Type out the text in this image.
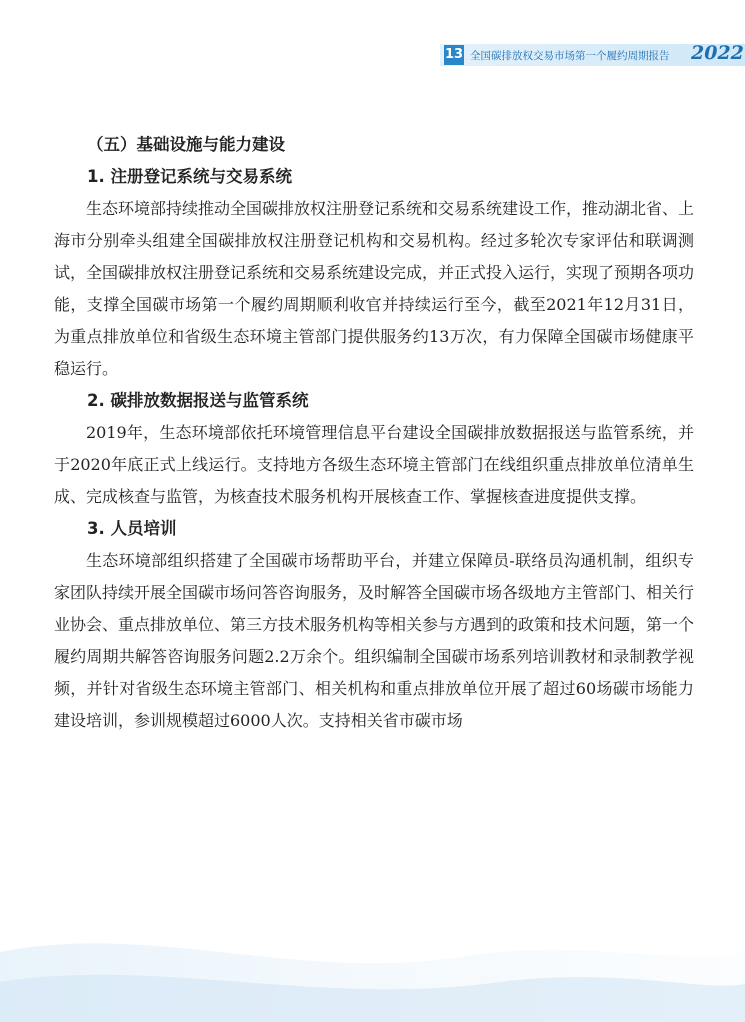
13 全国碳排放权交易市场第一个履约周期报告 2022

（五）基础设施与能力建设

1. 注册登记系统与交易系统

生态环境部持续推动全国碳排放权注册登记系统和交易系统建设工作，推动湖北省、上海市分别牵头组建全国碳排放权注册登记机构和交易机构。经过多轮次专家评估和联调测试，全国碳排放权注册登记系统和交易系统建设完成，并正式投入运行，实现了预期各项功能，支撑全国碳市场第一个履约周期顺利收官并持续运行至今，截至2021年12月31日，为重点排放单位和省级生态环境主管部门提供服务约13万次，有力保障全国碳市场健康平稳运行。

2. 碳排放数据报送与监管系统

2019年，生态环境部依托环境管理信息平台建设全国碳排放数据报送与监管系统，并于2020年底正式上线运行。支持地方各级生态环境主管部门在线组织重点排放单位清单生成、完成核查与监管，为核查技术服务机构开展核查工作、掌握核查进度提供支撑。

3. 人员培训

生态环境部组织搭建了全国碳市场帮助平台，并建立保障员-联络员沟通机制，组织专家团队持续开展全国碳市场问答咨询服务，及时解答全国碳市场各级地方主管部门、相关行业协会、重点排放单位、第三方技术服务机构等相关参与方遇到的政策和技术问题，第一个履约周期共解答咨询服务问题2.2万余个。组织编制全国碳市场系列培训教材和录制教学视频，并针对省级生态环境主管部门、相关机构和重点排放单位开展了超过60场碳市场能力建设培训，参训规模超过6000人次。支持相关省市碳市场
